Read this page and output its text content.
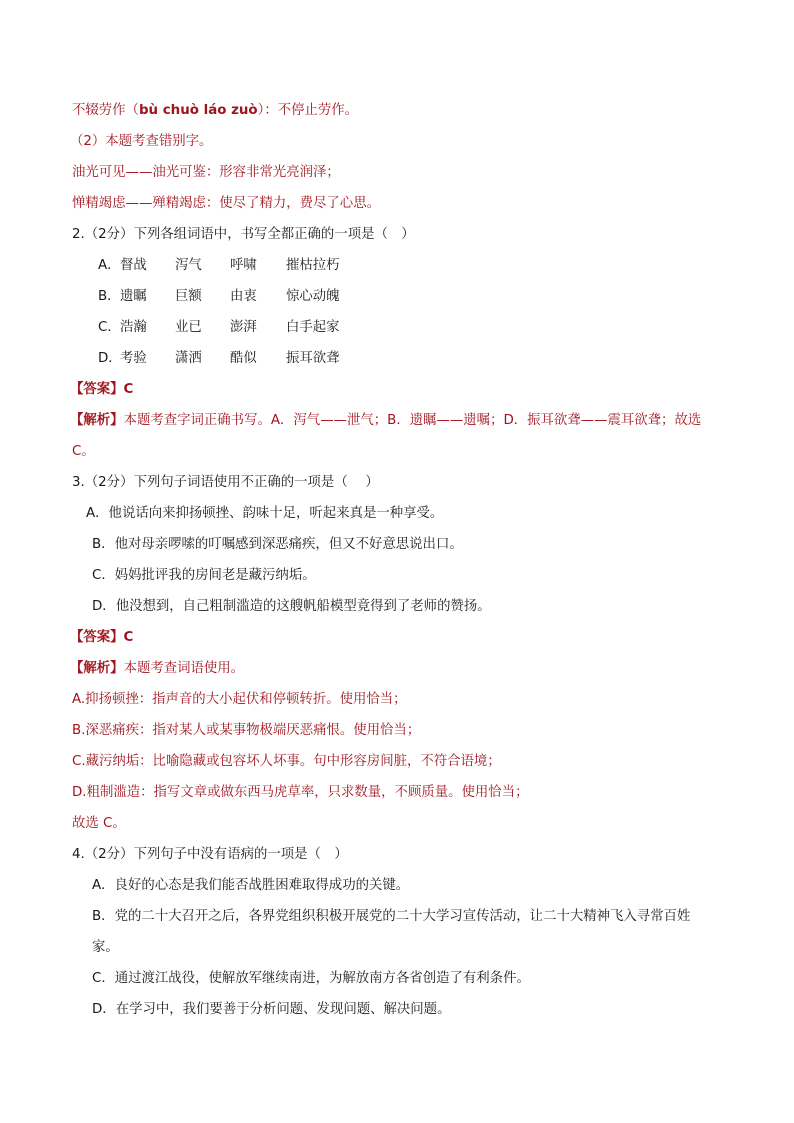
不辍劳作（bù chuò láo zuò）：不停止劳作。
（2）本题考查错别字。
油光可见——油光可鉴：形容非常光亮润泽；
惮精竭虑——殚精竭虑：使尽了精力，费尽了心思。
2.（2分）下列各组词语中，书写全都正确的一项是（　）
A． 督战 泻气 呼啸 摧枯拉朽
B． 遗瞩 巨额 由衷 惊心动魄
C． 浩瀚 业已 澎湃 白手起家
D．
考验 潇洒 酷似 振耳欲聋
【答案】C
【解析】本题考查字词正确书写。A．泻气——泄气；B．遗瞩——遗嘱；D．振耳欲聋——震耳欲聋；故选
C。
3.（2分）下列句子词语使用不正确的一项是（　 ）
A．他说话向来抑扬顿挫、韵味十足，听起来真是一种享受。
B．他对母亲啰嗦的叮嘱感到深恶痛疾，但又不好意思说出口。
C．妈妈批评我的房间老是藏污纳垢。
D．他没想到，自己粗制滥造的这艘帆船模型竟得到了老师的赞扬。
【答案】C
【解析】本题考查词语使用。
A.抑扬顿挫：指声音的大小起伏和停顿转折。使用恰当；
B.深恶痛疾：指对某人或某事物极端厌恶痛恨。使用恰当；
C.藏污纳垢：比喻隐藏或包容坏人坏事。句中形容房间脏，不符合语境；
D.粗制滥造：指写文章或做东西马虎草率，只求数量，不顾质量。使用恰当；
故选 C。
4.（2分）下列句子中没有语病的一项是（　）
A．良好的心态是我们能否战胜困难取得成功的关键。
B．党的二十大召开之后，各界党组织积极开展党的二十大学习宣传活动，让二十大精神飞入寻常百姓
家。
C．通过渡江战役，使解放军继续南进，为解放南方各省创造了有利条件。
D．在学习中，我们要善于分析问题、发现问题、解决问题。
